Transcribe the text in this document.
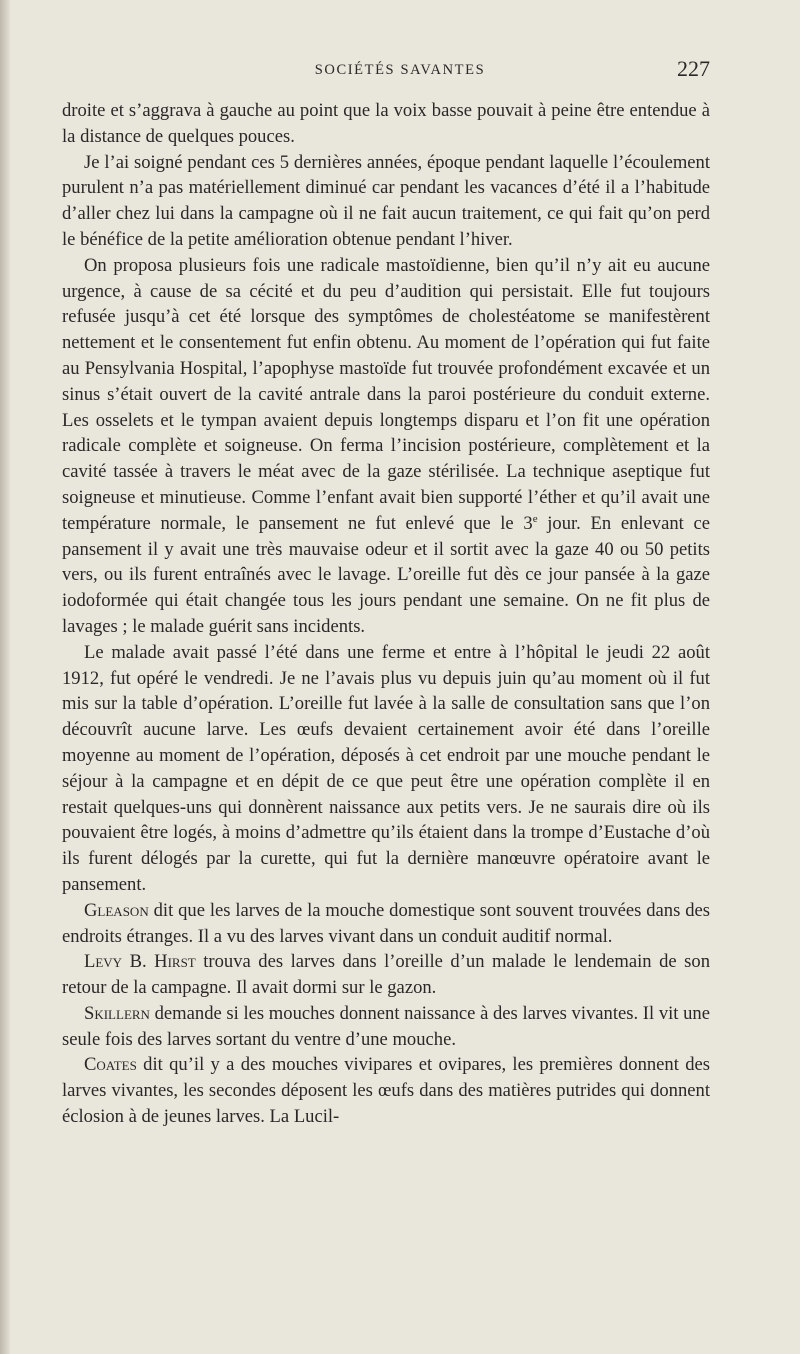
SOCIÉTÉS SAVANTES	227

droite et s’aggrava à gauche au point que la voix basse pouvait à peine être entendue à la distance de quelques pouces.

Je l’ai soigné pendant ces 5 dernières années, époque pendant laquelle l’écoulement purulent n’a pas matériellement diminué car pendant les vacances d’été il a l’habitude d’aller chez lui dans la campagne où il ne fait aucun traitement, ce qui fait qu’on perd le bénéfice de la petite amélioration obtenue pendant l’hiver.

On proposa plusieurs fois une radicale mastoïdienne, bien qu’il n’y ait eu aucune urgence, à cause de sa cécité et du peu d’audition qui persistait. Elle fut toujours refusée jusqu’à cet été lorsque des symptômes de cholestéatome se manifestèrent nettement et le consentement fut enfin obtenu. Au moment de l’opération qui fut faite au Pensylvania Hospital, l’apophyse mastoïde fut trouvée profondément excavée et un sinus s’était ouvert de la cavité antrale dans la paroi postérieure du conduit externe. Les osselets et le tympan avaient depuis longtemps disparu et l’on fit une opération radicale complète et soigneuse. On ferma l’incision postérieure, complètement et la cavité tassée à travers le méat avec de la gaze stérilisée. La technique aseptique fut soigneuse et minutieuse. Comme l’enfant avait bien supporté l’éther et qu’il avait une température normale, le pansement ne fut enlevé que le 3e jour. En enlevant ce pansement il y avait une très mauvaise odeur et il sortit avec la gaze 40 ou 50 petits vers, ou ils furent entraînés avec le lavage. L’oreille fut dès ce jour pansée à la gaze iodoformée qui était changée tous les jours pendant une semaine. On ne fit plus de lavages ; le malade guérit sans incidents.

Le malade avait passé l’été dans une ferme et entre à l’hôpital le jeudi 22 août 1912, fut opéré le vendredi. Je ne l’avais plus vu depuis juin qu’au moment où il fut mis sur la table d’opération. L’oreille fut lavée à la salle de consultation sans que l’on découvrît aucune larve. Les œufs devaient certainement avoir été dans l’oreille moyenne au moment de l’opération, déposés à cet endroit par une mouche pendant le séjour à la campagne et en dépit de ce que peut être une opération complète il en restait quelques-uns qui donnèrent naissance aux petits vers. Je ne saurais dire où ils pouvaient être logés, à moins d’admettre qu’ils étaient dans la trompe d’Eustache d’où ils furent délogés par la curette, qui fut la dernière manœuvre opératoire avant le pansement.

Gleason dit que les larves de la mouche domestique sont souvent trouvées dans des endroits étranges. Il a vu des larves vivant dans un conduit auditif normal.

Levy B. Hirst trouva des larves dans l’oreille d’un malade le lendemain de son retour de la campagne. Il avait dormi sur le gazon.

Skillern demande si les mouches donnent naissance à des larves vivantes. Il vit une seule fois des larves sortant du ventre d’une mouche.

Coates dit qu’il y a des mouches vivipares et ovipares, les premières donnent des larves vivantes, les secondes déposent les œufs dans des matières putrides qui donnent éclosion à de jeunes larves. La Lucil-
